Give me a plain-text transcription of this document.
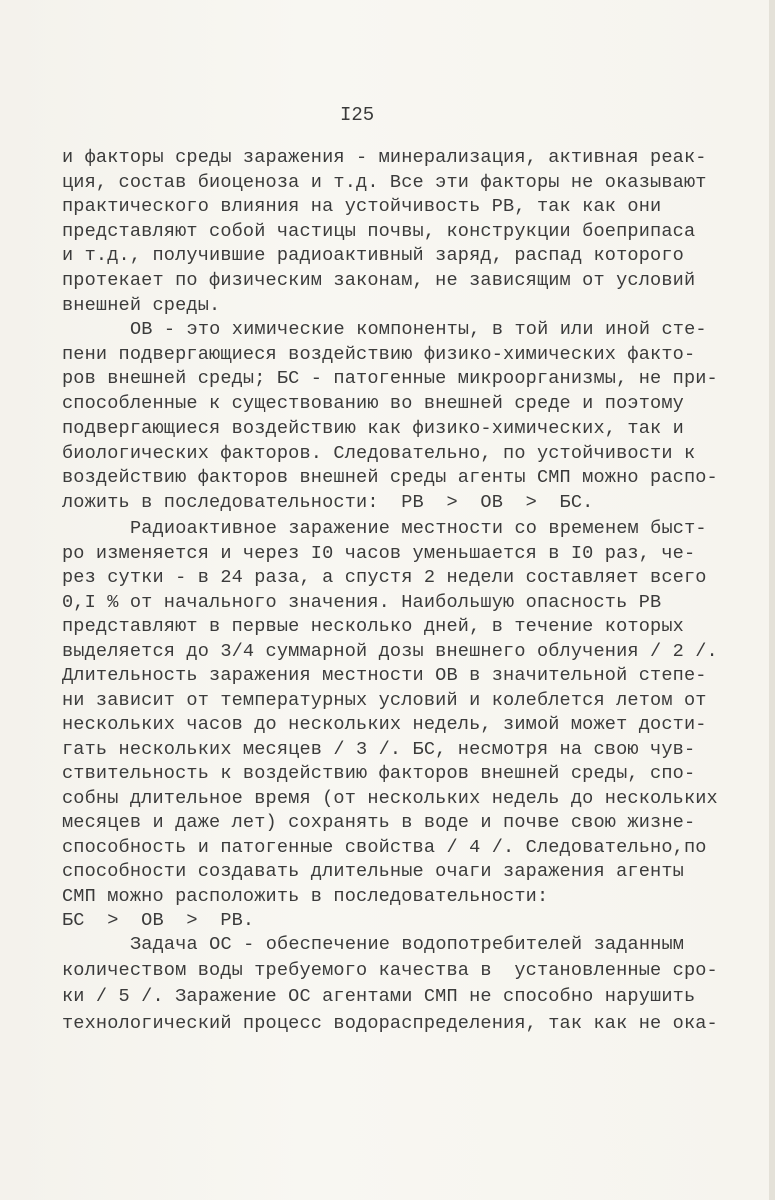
I25
и факторы среды заражения - минерализация, активная реак-
ция, состав биоценоза и т.д. Все эти факторы не оказывают
практического влияния на устойчивость РВ, так как они
представляют собой частицы почвы, конструкции боеприпаса
и т.д., получившие радиоактивный заряд, распад которого
протекает по физическим законам, не зависящим от условий
внешней среды.
ОВ - это химические компоненты, в той или иной сте-
пени подвергающиеся воздействию физико-химических факто-
ров внешней среды; БС - патогенные микроорганизмы, не при-
способленные к существованию во внешней среде и поэтому
подвергающиеся воздействию как физико-химических, так и
биологических факторов. Следовательно, по устойчивости к
воздействию факторов внешней среды агенты СМП можно распо-
ложить в последовательности:  РВ  >  ОВ  >  БС.
Радиоактивное заражение местности со временем быст-
ро изменяется и через I0 часов уменьшается в I0 раз, че-
рез сутки - в 24 раза, а спустя 2 недели составляет всего
0,I % от начального значения. Наибольшую опасность РВ
представляют в первые несколько дней, в течение которых
выделяется до 3/4 суммарной дозы внешнего облучения / 2 /.
Длительность заражения местности ОВ в значительной степе-
ни зависит от температурных условий и колеблется летом от
нескольких часов до нескольких недель, зимой может дости-
гать нескольких месяцев / 3 /. БС, несмотря на свою чув-
ствительность к воздействию факторов внешней среды, спо-
собны длительное время (от нескольких недель до нескольких
месяцев и даже лет) сохранять в воде и почве свою жизне-
способность и патогенные свойства / 4 /. Следовательно,по
способности создавать длительные очаги заражения агенты
СМП можно расположить в последовательности:
БС  >  ОВ  >  РВ.
Задача ОС - обеспечение водопотребителей заданным
количеством воды требуемого качества в  установленные сро-
ки / 5 /. Заражение ОС агентами СМП не способно нарушить
технологический процесс водораспределения, так как не ока-
